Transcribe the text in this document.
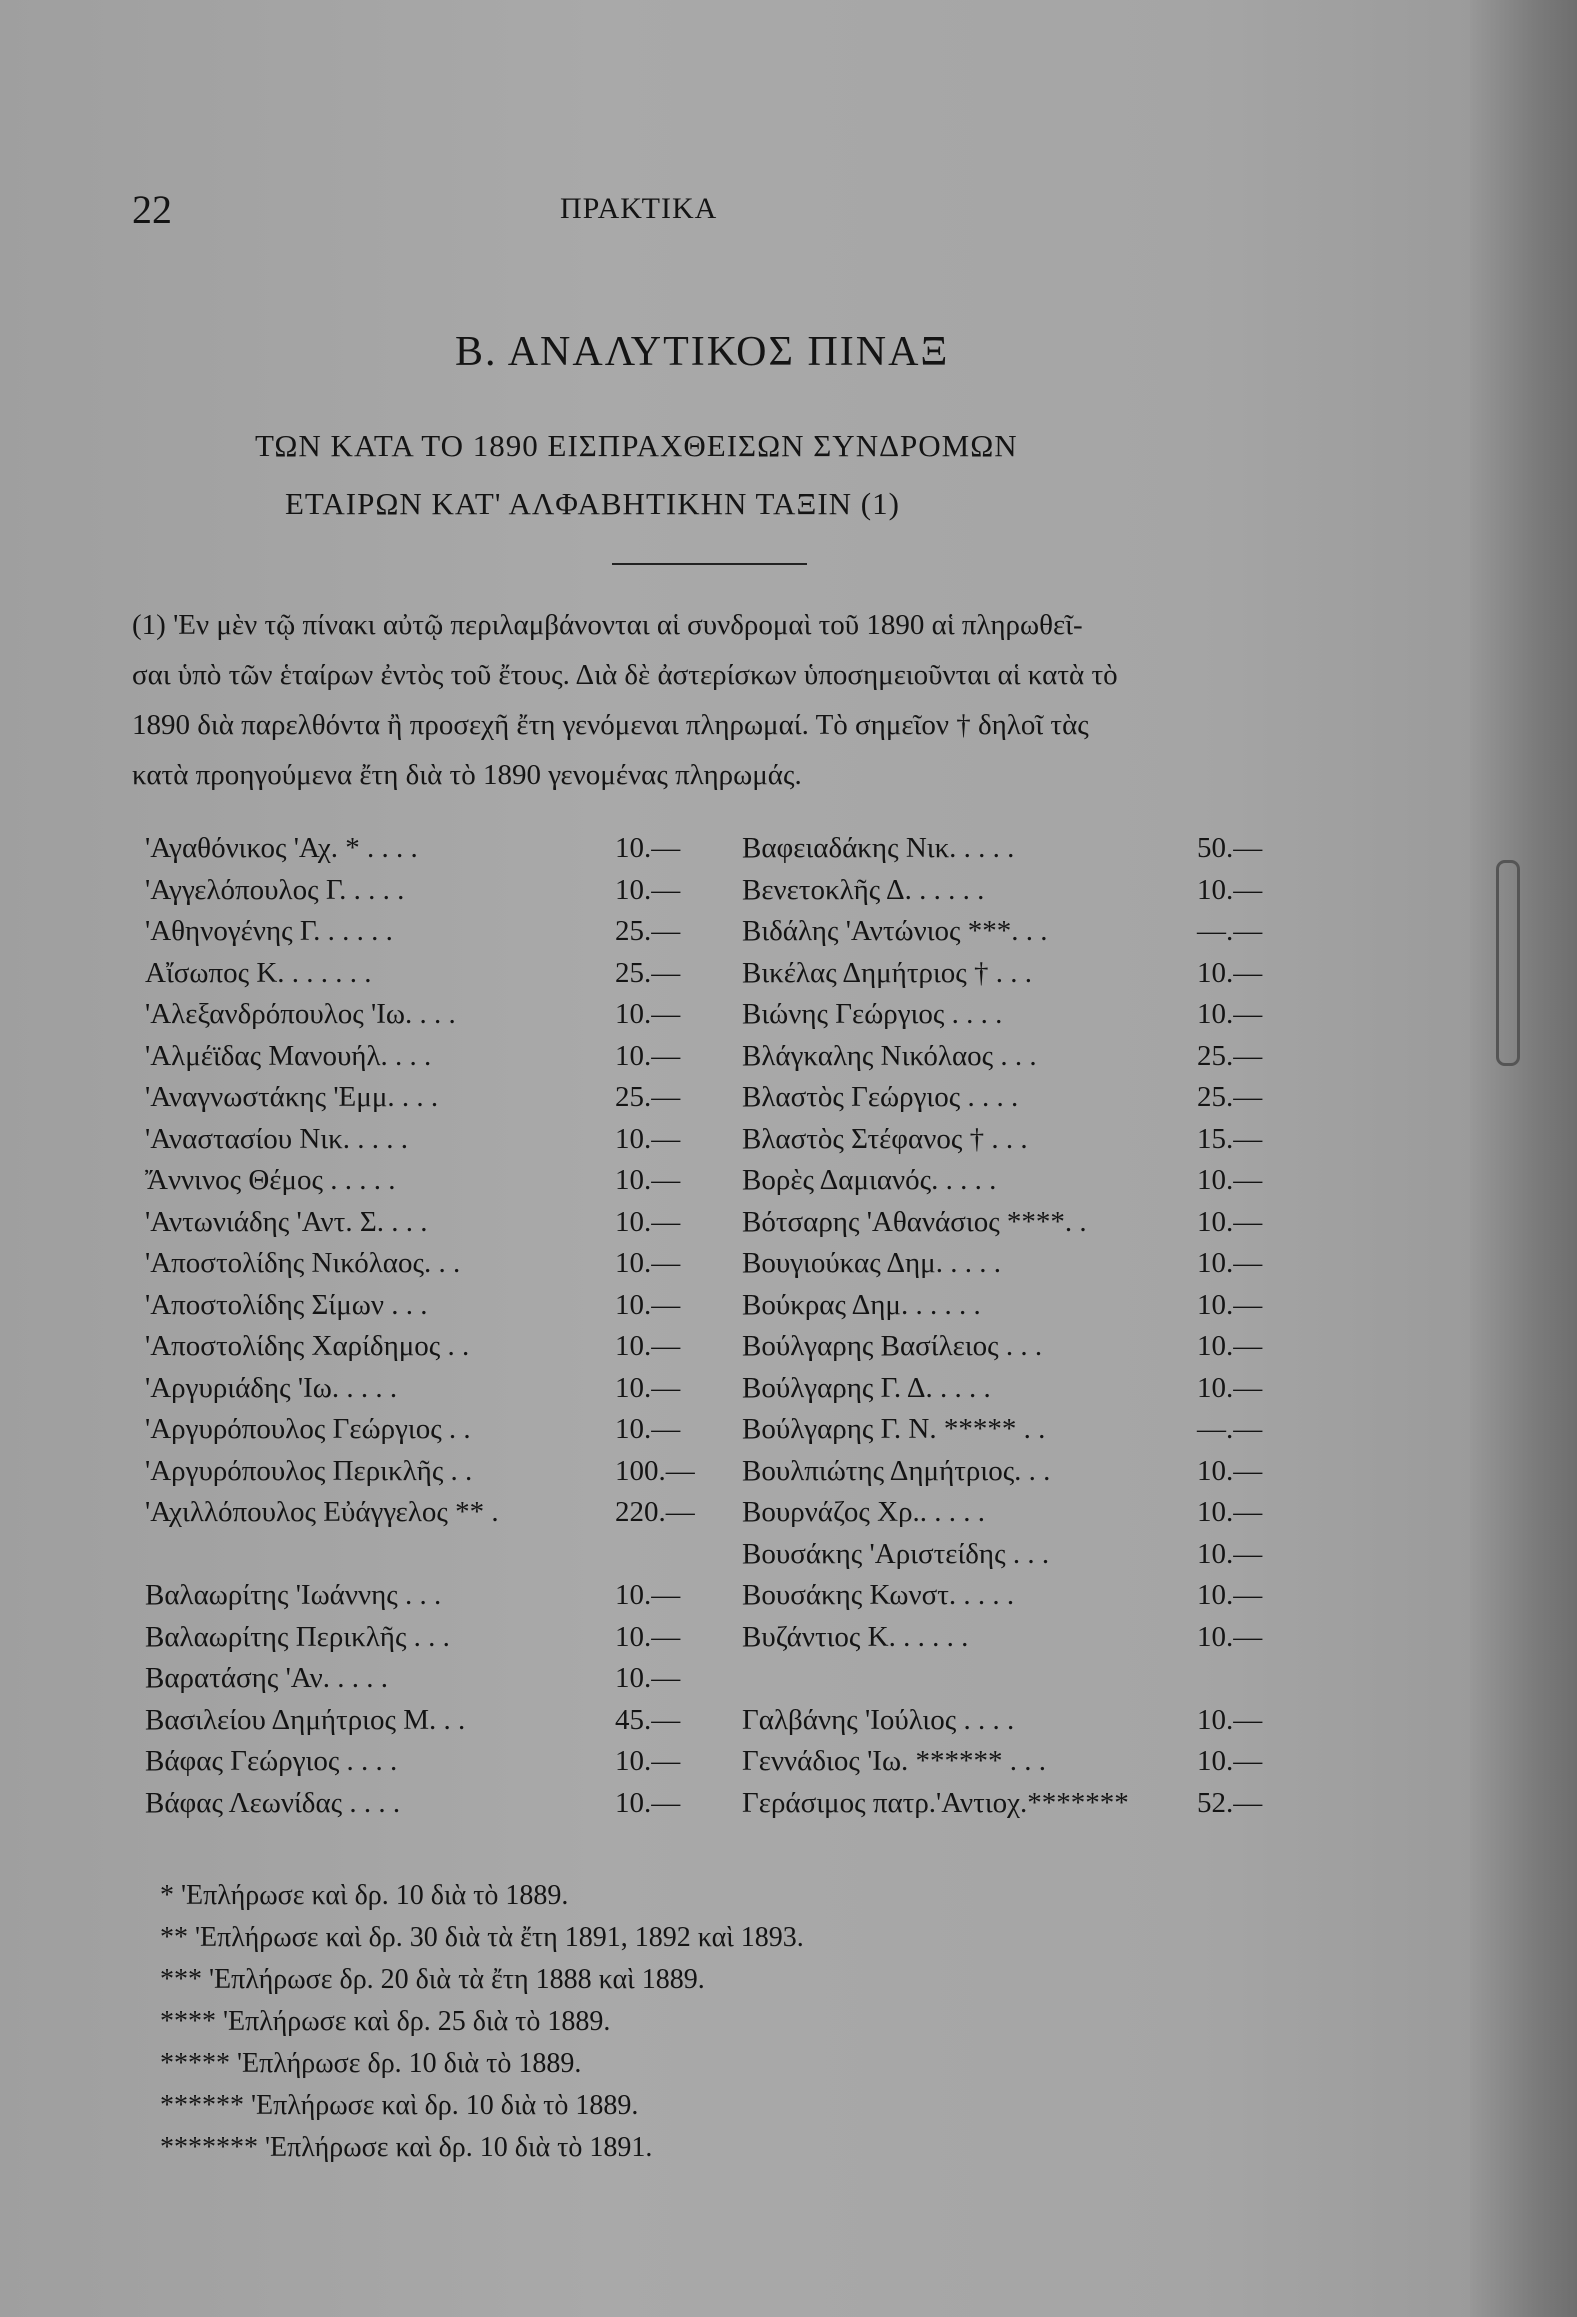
22	ΠΡΑΚΤΙΚΑ
Β. ΑΝΑΛΥΤΙΚΟΣ ΠΙΝΑΞ
ΤΩΝ ΚΑΤΑ ΤΟ 1890 ΕΙΣΠΡΑΧΘΕΙΣΩΝ ΣΥΝΔΡΟΜΩΝ
ΕΤΑΙΡΩΝ ΚΑΤ' ΑΛΦΑΒΗΤΙΚΗΝ ΤΑΞΙΝ (1)
(1) 'Εν μὲν τῷ πίνακι αὐτῷ περιλαμβάνονται αἱ συνδρομαὶ τοῦ 1890 αἱ πληρωθεῖ-
σαι ὑπὸ τῶν ἑταίρων ἐντὸς τοῦ ἔτους. Διὰ δὲ ἀστερίσκων ὑποσημειοῦνται αἱ κατὰ τὸ
1890 διὰ παρελθόντα ἢ προσεχῆ ἔτη γενόμεναι πληρωμαί. Τὸ σημεῖον † δηλοῖ τὰς
κατὰ προηγούμενα ἔτη διὰ τὸ 1890 γενομένας πληρωμάς.
'Αγαθόνικος 'Αχ. * . . . .	10.—
'Αγγελόπουλος Γ. . . . .	10.—
'Αθηνογένης Γ. . . . . .	25.—
Αἴσωπος Κ. . . . . . .	25.—
'Αλεξανδρόπουλος 'Ιω. . . .	10.—
'Αλμέϊδας Μανουήλ. . . .	10.—
'Αναγνωστάκης 'Εμμ. . . .	25.—
'Αναστασίου Νικ. . . . .	10.—
Ἄννινος Θέμος . . . . .	10.—
'Αντωνιάδης 'Αντ. Σ. . . .	10.—
'Αποστολίδης Νικόλαος. . .	10.—
'Αποστολίδης Σίμων . . .	10.—
'Αποστολίδης Χαρίδημος . .	10.—
'Αργυριάδης 'Ιω. . . . .	10.—
'Αργυρόπουλος Γεώργιος . .	10.—
'Αργυρόπουλος Περικλῆς . .	100.—
'Αχιλλόπουλος Εὐάγγελος ** .	220.—
Βαλαωρίτης 'Ιωάννης . . .	10.—
Βαλαωρίτης Περικλῆς . . .	10.—
Βαρατάσης 'Αν. . . . .	10.—
Βασιλείου Δημήτριος Μ. . .	45.—
Βάφας Γεώργιος . . . .	10.—
Βάφας Λεωνίδας . . . .	10.—
Βαφειαδάκης Νικ. . . . .	50.—
Βενετοκλῆς Δ. . . . . .	10.—
Βιδάλης 'Αντώνιος ***. . .	—.—
Βικέλας Δημήτριος † . . .	10.—
Βιώνης Γεώργιος . . . .	10.—
Βλάγκαλης Νικόλαος . . .	25.—
Βλαστὸς Γεώργιος . . . .	25.—
Βλαστὸς Στέφανος † . . .	15.—
Βορὲς Δαμιανός. . . . .	10.—
Βότσαρης 'Αθανάσιος ****. .	10.—
Βουγιούκας Δημ. . . . .	10.—
Βούκρας Δημ. . . . . .	10.—
Βούλγαρης Βασίλειος . . .	10.—
Βούλγαρης Γ. Δ. . . . .	10.—
Βούλγαρης Γ. Ν. ***** . .	—.—
Βουλπιώτης Δημήτριος. . .	10.—
Βουρνάζος Χρ.. . . . .	10.—
Βουσάκης 'Αριστείδης . . .	10.—
Βουσάκης Κωνστ. . . . .	10.—
Βυζάντιος Κ. . . . . .	10.—
Γαλβάνης 'Ιούλιος . . . .	10.—
Γεννάδιος 'Ιω. ****** . . .	10.—
Γεράσιμος πατρ.'Αντιοχ.******* 52.—
* 'Επλήρωσε καὶ δρ. 10 διὰ τὸ 1889.
** 'Επλήρωσε καὶ δρ. 30 διὰ τὰ ἔτη 1891, 1892 καὶ 1893.
*** 'Επλήρωσε δρ. 20 διὰ τὰ ἔτη 1888 καὶ 1889.
**** 'Επλήρωσε καὶ δρ. 25 διὰ τὸ 1889.
***** 'Επλήρωσε δρ. 10 διὰ τὸ 1889.
****** 'Επλήρωσε καὶ δρ. 10 διὰ τὸ 1889.
******* 'Επλήρωσε καὶ δρ. 10 διὰ τὸ 1891.
